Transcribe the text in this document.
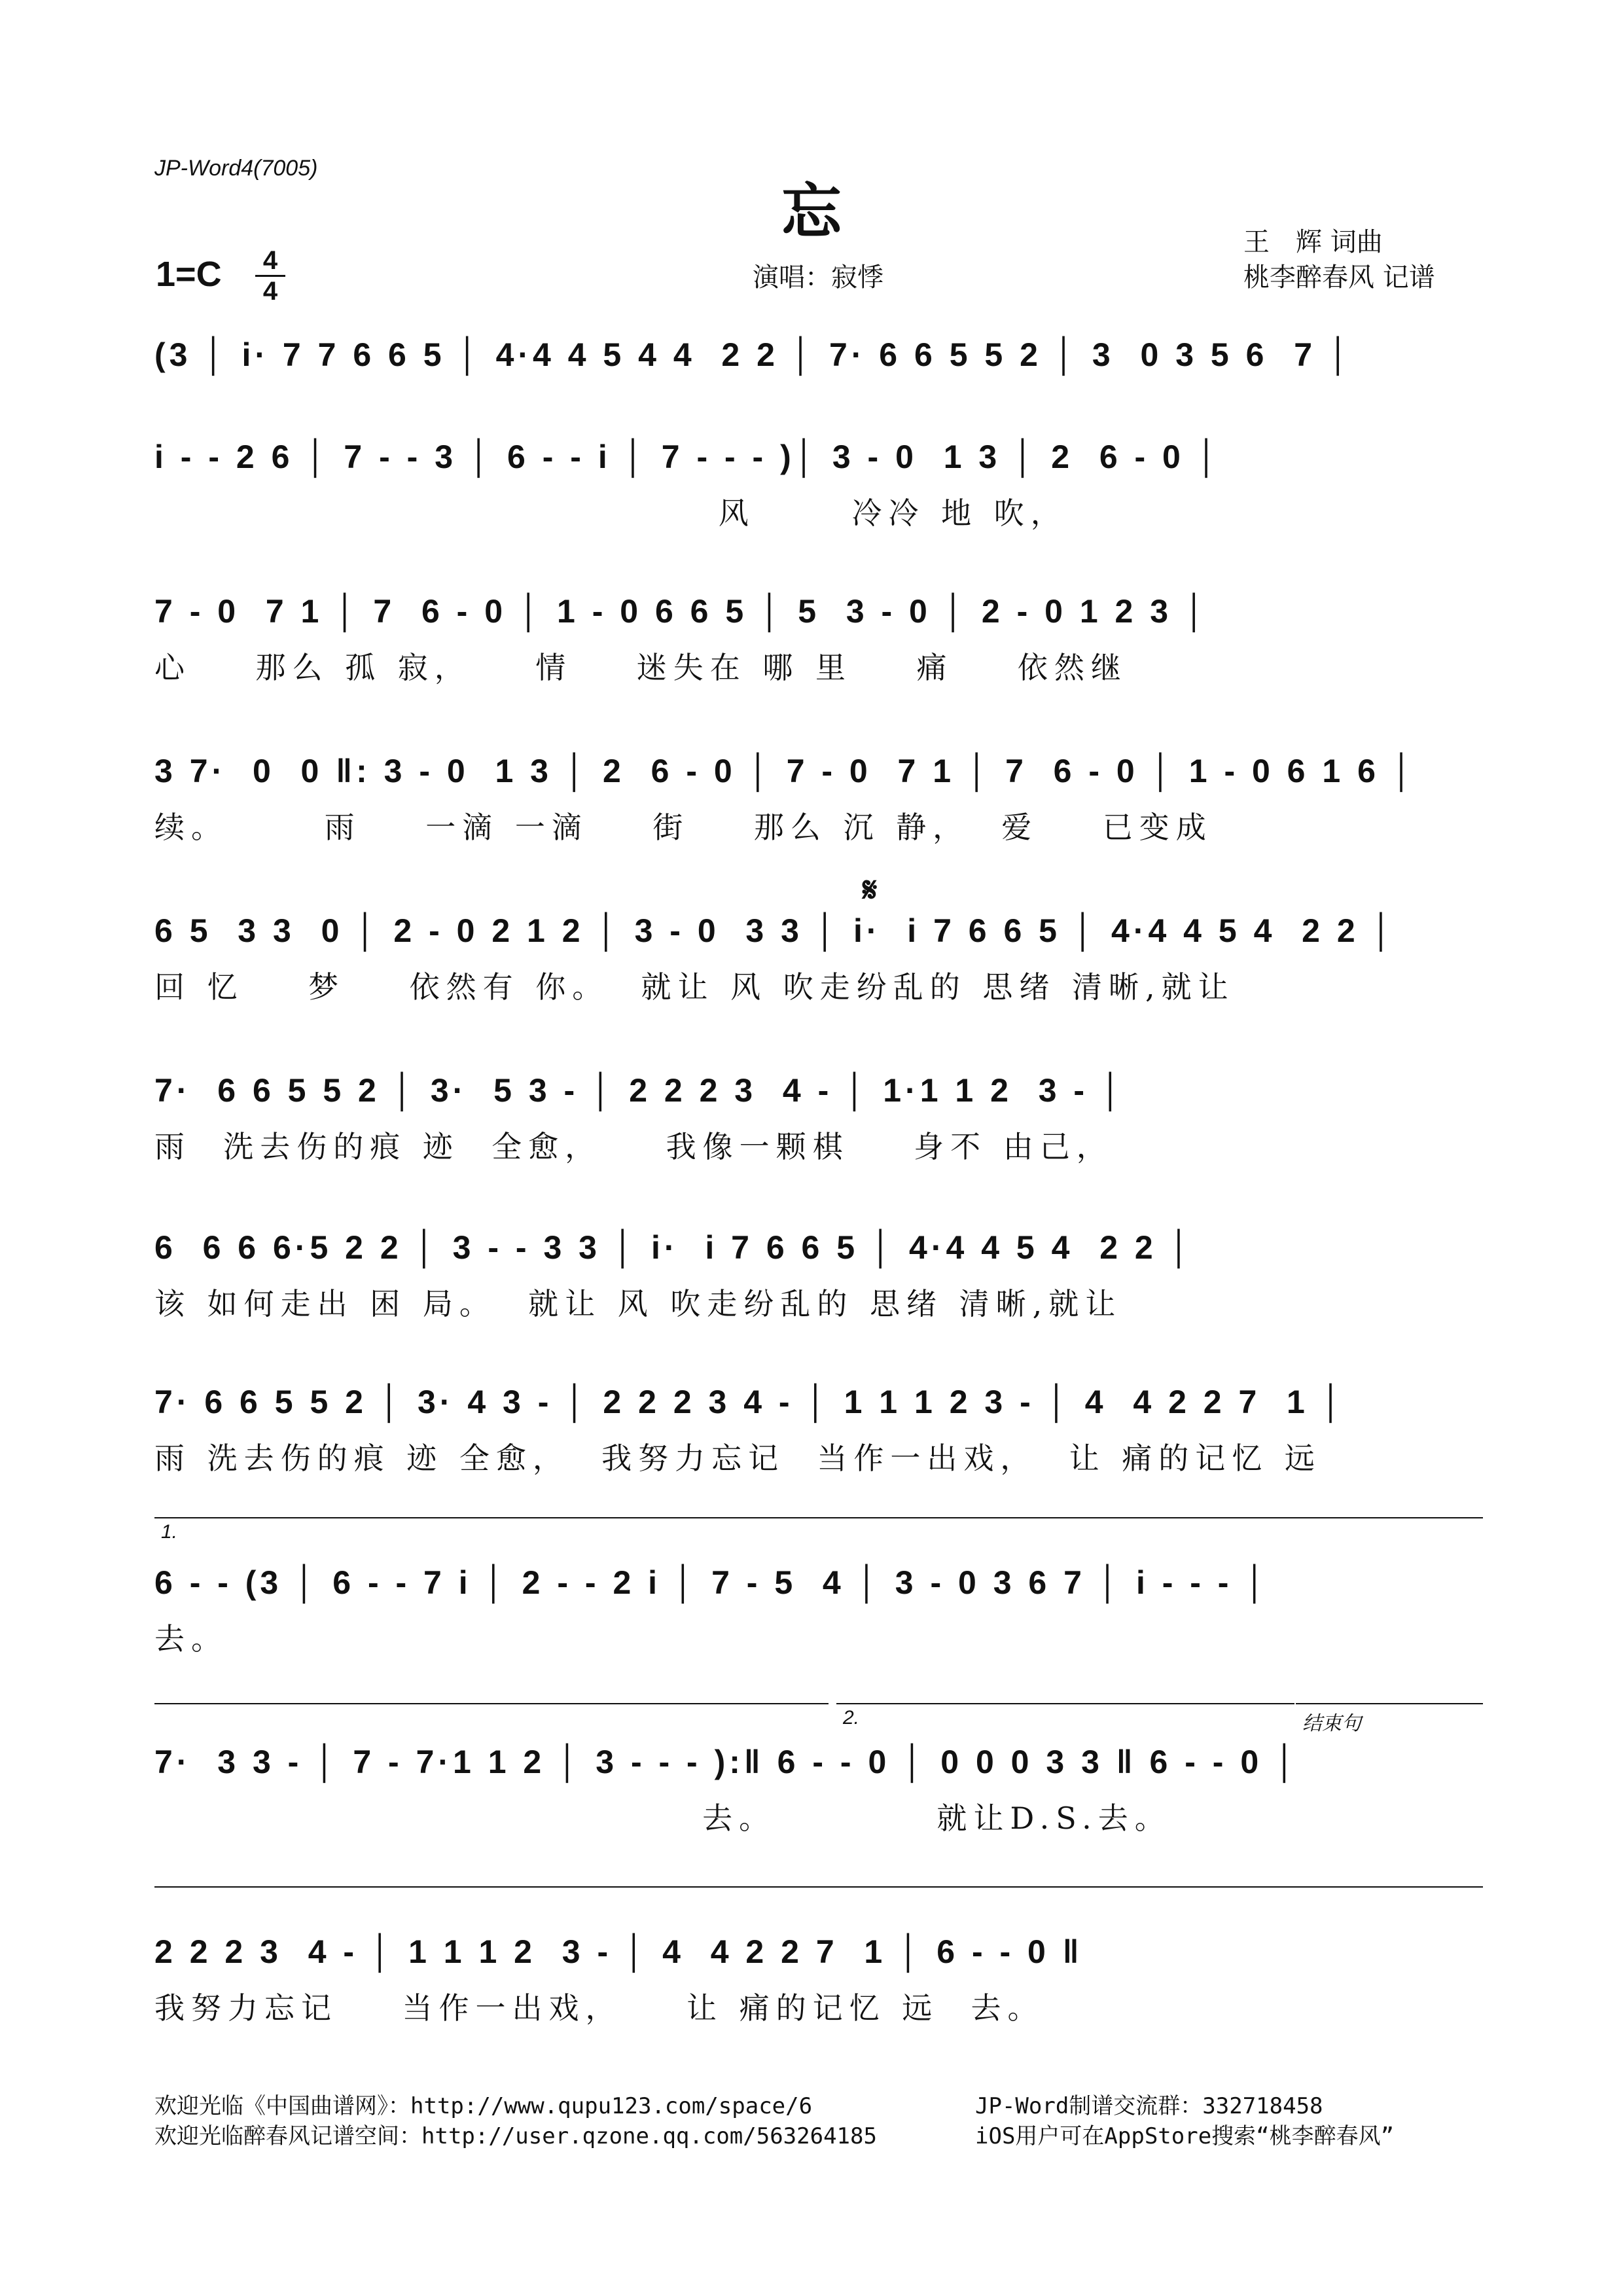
JP-Word4(7005)
忘
1=C 4
4	演唱：寂悸
王　辉 词曲
桃李醉春风 记谱
(3 │ i· 7 7 6 6 5 │ 4·4 4 5 4 4  2 2 │ 7· 6 6 5 5 2 │ 3  0 3 5 6  7 │
i - - 2 6 │ 7 - - 3 │ 6 - - i │ 7 - - - )│ 3 - 0  1 3 │ 2  6 - 0 │
风      冷冷 地 吹，
7 - 0  7 1 │ 7  6 - 0 │ 1 - 0 6 6 5 │ 5  3 - 0 │ 2 - 0 1 2 3 │
心    那么 孤 寂，    情    迷失在 哪 里    痛    依然继
3 7·  0  0 ‖: 3 - 0  1 3 │ 2  6 - 0 │ 7 - 0  7 1 │ 7  6 - 0 │ 1 - 0 6 1 6 │
续。      雨    一滴 一滴    街    那么 沉 静，  爱    已变成
𝄋
6 5  3 3  0 │ 2 - 0 2 1 2 │ 3 - 0  3 3 │ i·  i 7 6 6 5 │ 4·4 4 5 4  2 2 │
回 忆    梦    依然有 你。  就让 风 吹走纷乱的 思绪 清晰,就让
7·  6 6 5 5 2 │ 3·  5 3 - │ 2 2 2 3  4 - │ 1·1 1 2  3 - │
雨  洗去伤的痕 迹  全愈，    我像一颗棋    身不 由己，
6  6 6 6·5 2 2 │ 3 - - 3 3 │ i·  i 7 6 6 5 │ 4·4 4 5 4  2 2 │
该 如何走出 困 局。  就让 风 吹走纷乱的 思绪 清晰,就让
7· 6 6 5 5 2 │ 3· 4 3 - │ 2 2 2 3 4 - │ 1 1 1 2 3 - │ 4  4 2 2 7  1 │
雨 洗去伤的痕 迹 全愈，  我努力忘记  当作一出戏，  让 痛的记忆 远
1.
6 - - (3 │ 6 - - 7 i │ 2 - - 2 i │ 7 - 5  4 │ 3 - 0 3 6 7 │ i - - - │
去。
2.	结束句
7·  3 3 - │ 7 - 7·1 1 2 │ 3 - - - ):‖ 6 - - 0 │ 0 0 0 3 3 ‖ 6 - - 0 │
去。          就让D.S.去。
2 2 2 3  4 - │ 1 1 1 2  3 - │ 4  4 2 2 7  1 │ 6 - - 0 ‖
我努力忘记    当作一出戏，    让 痛的记忆 远  去。
欢迎光临《中国曲谱网》：http://www.qupu123.com/space/6	JP-Word制谱交流群：332718458
欢迎光临醉春风记谱空间：http://user.qzone.qq.com/563264185	iOS用户可在AppStore搜索“桃李醉春风”
